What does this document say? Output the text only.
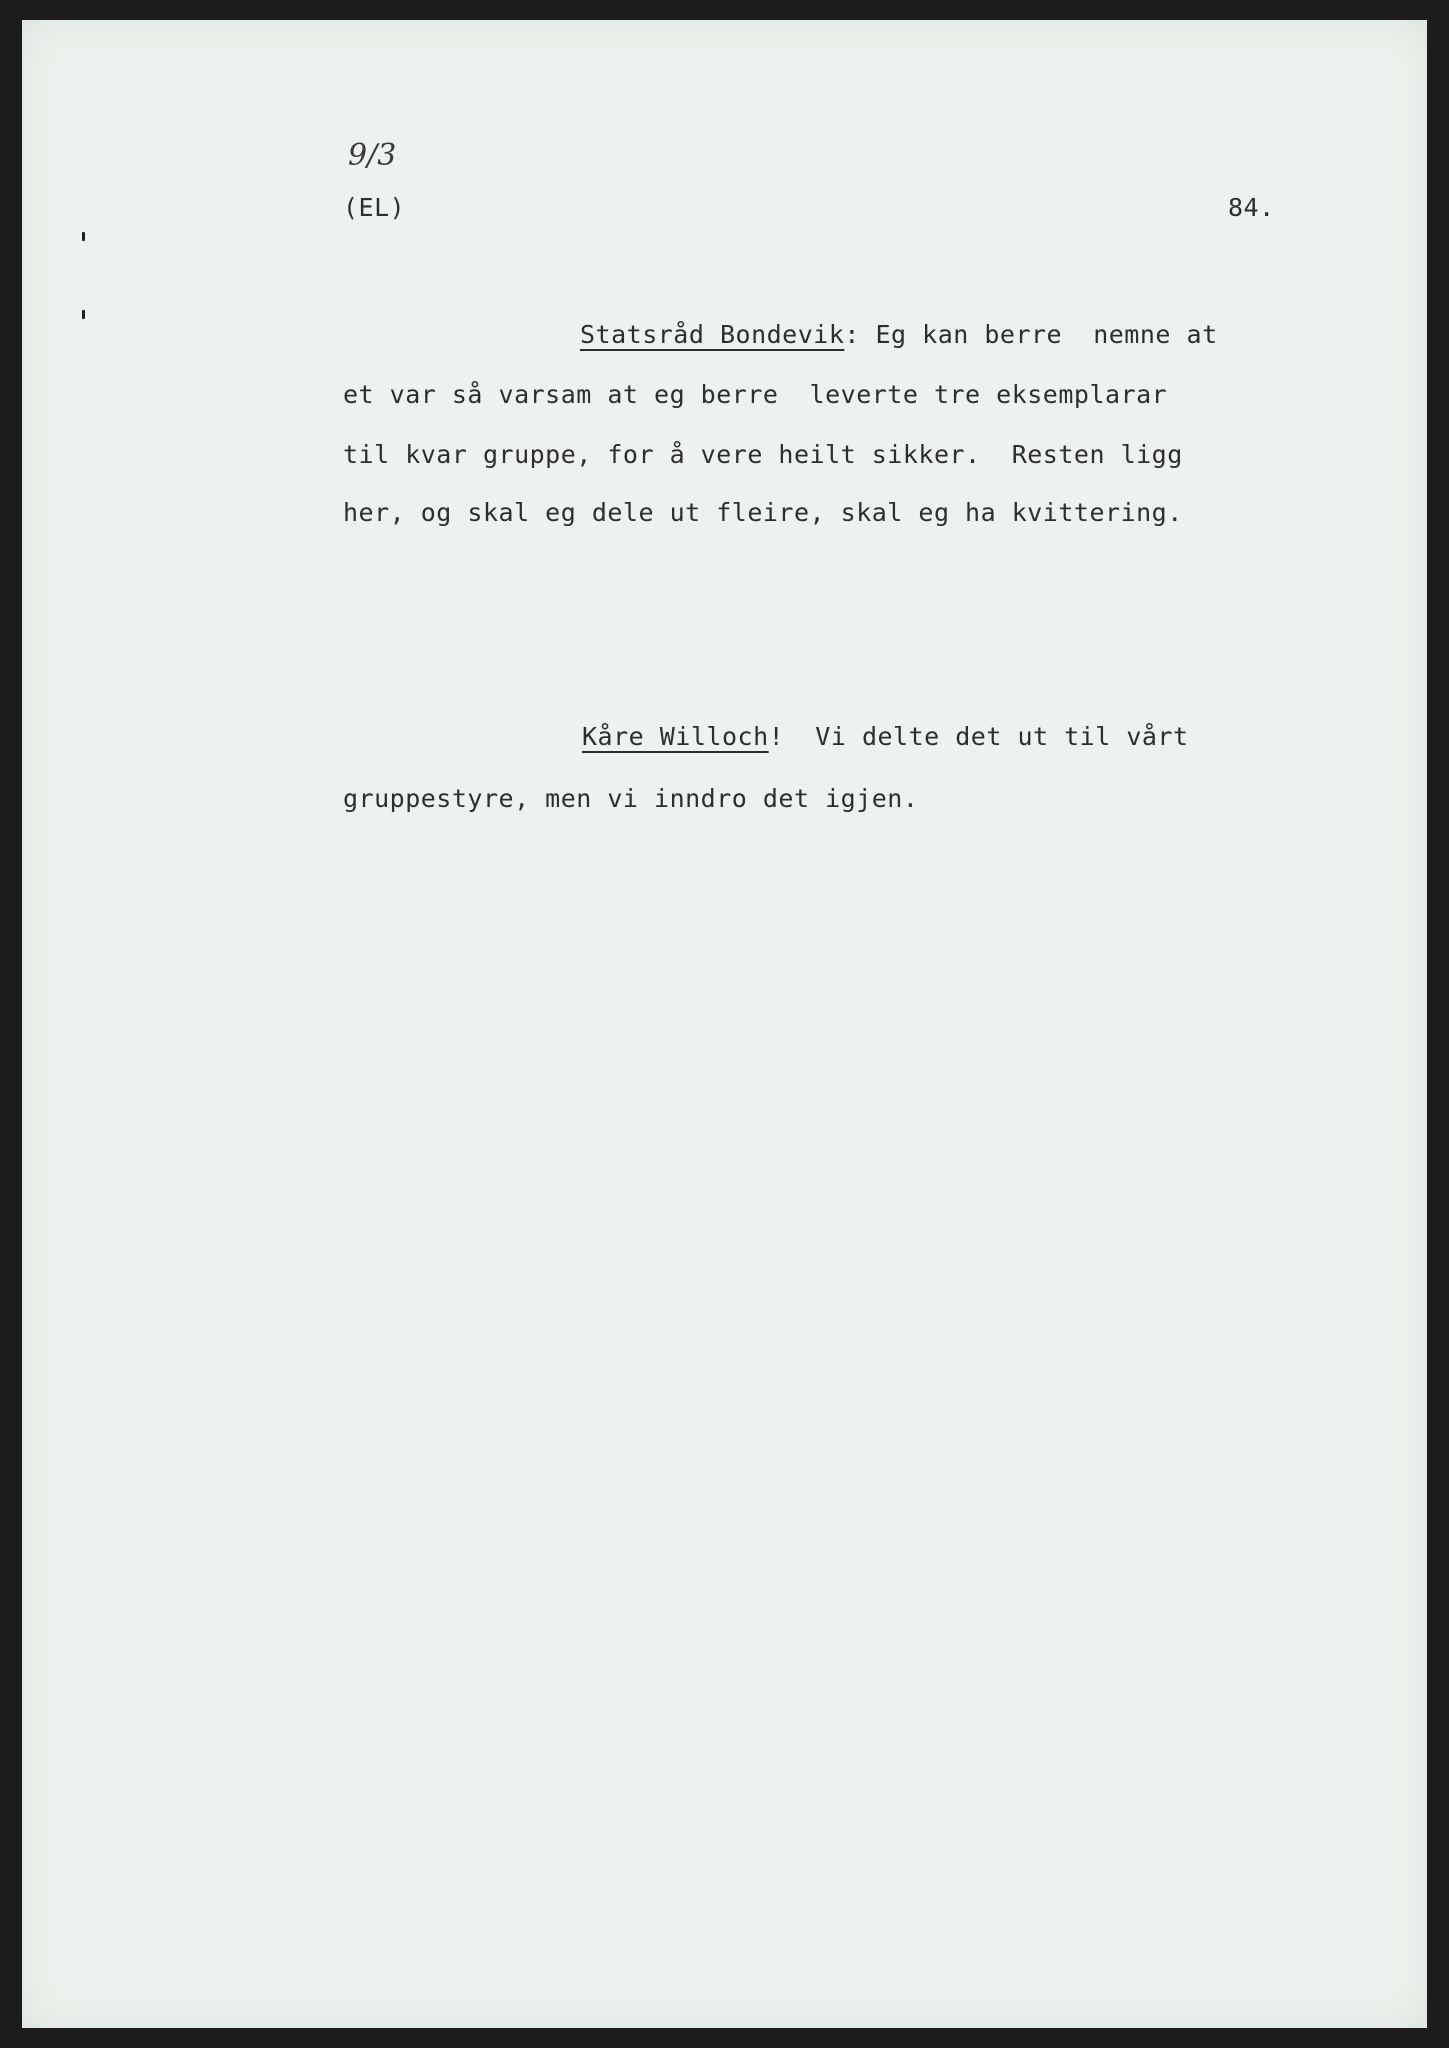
9/3
(EL)	84.
Statsråd Bondevik: Eg kan berre  nemne at
et var så varsam at eg berre  leverte tre eksemplarar
til kvar gruppe, for å vere heilt sikker.  Resten ligg
her, og skal eg dele ut fleire, skal eg ha kvittering.
Kåre Willoch!  Vi delte det ut til vårt
gruppestyre, men vi inndro det igjen.
